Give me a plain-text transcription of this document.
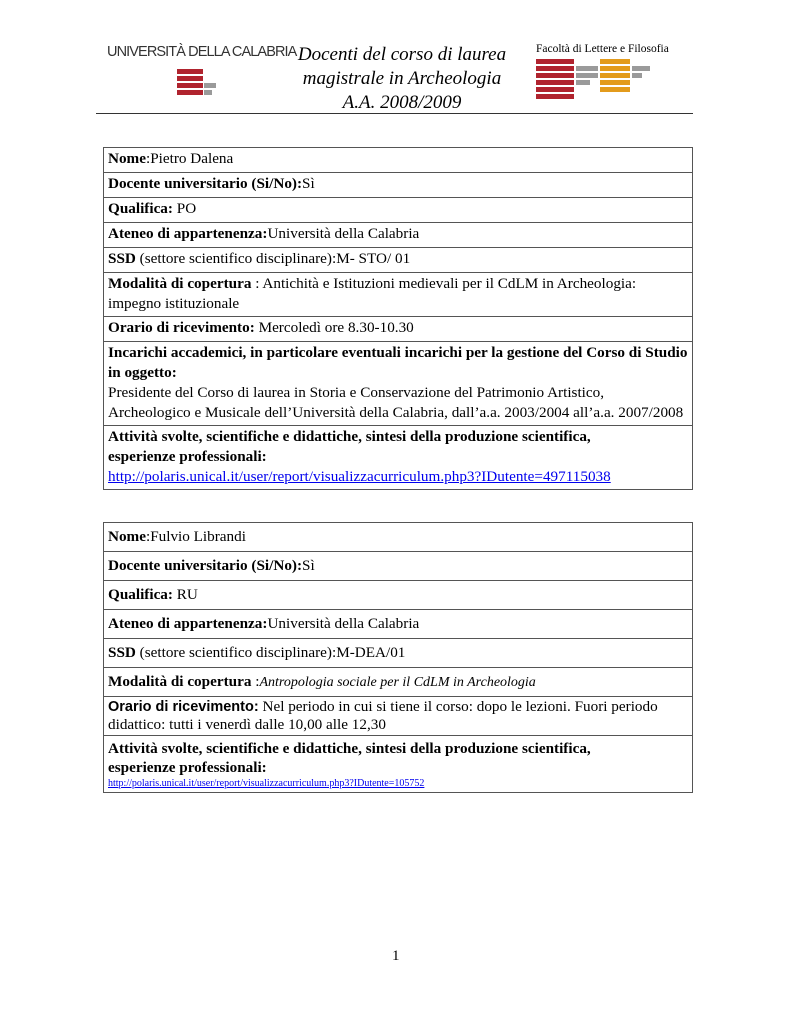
UNIVERSITÀ DELLA CALABRIA Docenti del corso di laurea
magistrale in Archeologia
A.A. 2008/2009
Facoltà di Lettere e Filosofia
Nome:Pietro Dalena
Docente universitario (Si/No):Sì
Qualifica: PO
Ateneo di appartenenza:Università della Calabria
SSD (settore scientifico disciplinare):M- STO/ 01
Modalità di copertura : Antichità e Istituzioni medievali per il CdLM in Archeologia: impegno istituzionale
Orario di ricevimento: Mercoledì ore 8.30-10.30

Incarichi accademici, in particolare eventuali incarichi per la gestione del Corso di Studio in oggetto:
Presidente del Corso di laurea in Storia e Conservazione del Patrimonio Artistico, Archeologico e Musicale dell’Università della Calabria, dall’a.a. 2003/2004 all’a.a. 2007/2008

Attività svolte, scientifiche e didattiche, sintesi della produzione scientifica,
esperienze professionali:
http://polaris.unical.it/user/report/visualizzacurriculum.php3?IDutente=497115038
Nome:Fulvio Librandi
Docente universitario (Si/No):Sì
Qualifica: RU
Ateneo di appartenenza:Università della Calabria
SSD (settore scientifico disciplinare):M-DEA/01
Modalità di copertura :Antropologia sociale per il CdLM in Archeologia
Orario di ricevimento: Nel periodo in cui si tiene il corso: dopo le lezioni. Fuori periodo didattico: tutti i venerdì dalle 10,00 alle 12,30

Attività svolte, scientifiche e didattiche, sintesi della produzione scientifica,
esperienze professionali:
http://polaris.unical.it/user/report/visualizzacurriculum.php3?IDutente=105752
1
